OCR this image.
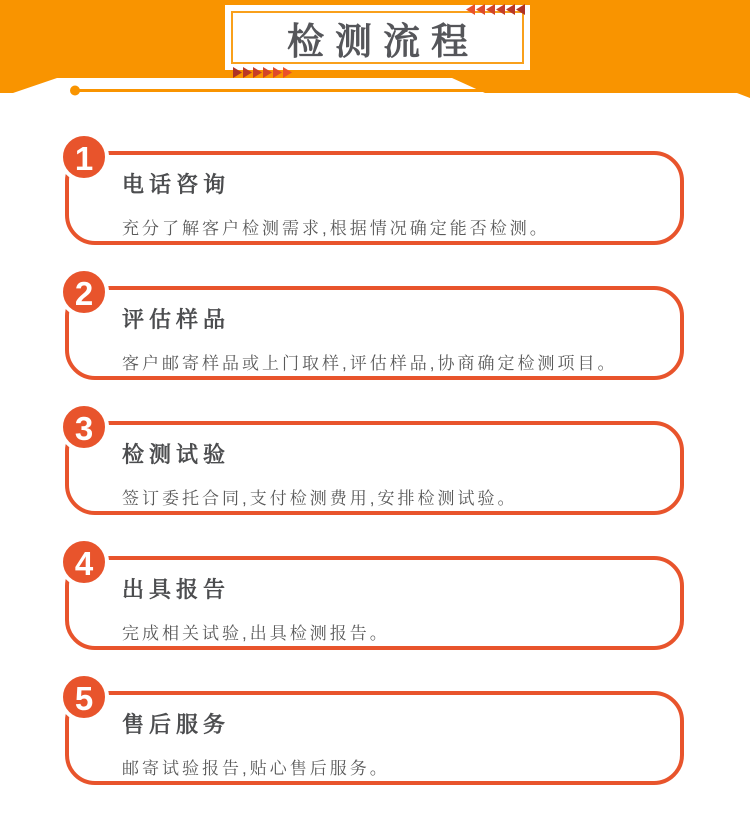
检测流程
1
电话咨询
充分了解客户检测需求,根据情况确定能否检测。
2
评估样品
客户邮寄样品或上门取样,评估样品,协商确定检测项目。
3
检测试验
签订委托合同,支付检测费用,安排检测试验。
4
出具报告
完成相关试验,出具检测报告。
5
售后服务
邮寄试验报告,贴心售后服务。
